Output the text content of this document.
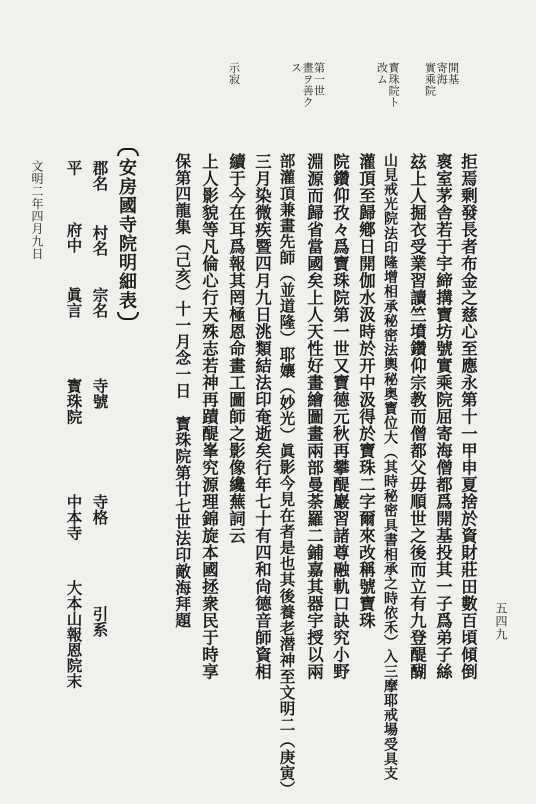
五四九
開基
寄海
實乘院
寳珠院ト
改ム
第一世
畫ヲ善ク
ス
示寂
拒焉剰發長者布金之慈心至應永第十一甲申夏捨於資財莊田數百頃傾倒
褱室茅舎若于宇締搆寶坊號實乘院屈寄海僧都爲開基投其一子爲弟子絲
玆上人掘衣受業習讀竺墳鑽仰宗教而僧都父毋順世之後而立有九登醍醐
山見戒光院法印隆增相承秘密法輿秘奥寳位大（其時秘密具書相承之時依禾）入三摩耶戒場受具支
灌頂至歸鄕日開伽水汲時於开中汲得於寶珠二字爾來改稱號寶珠
院鑽仰孜々爲寶珠院第一世又寶德元秋再攀醍巖習諸尊融軌口訣究小野
淵源而歸省當國矣上人天性好畫繪圖畫兩部曼荼羅二鋪嘉其器宇授以兩
部灌頂兼畫先師（並道隆）耶孃（妙光）眞影今見在者是也其後養老潜神至文明二（庚寅）
三月染微疾暨四月九日洮類結法印奄逝矣行年七十有四和尙德音師資相
續于今在耳爲報其罔極恩命畫工圖師之影像纔蕪詞云
上人影貌等凡倫心行天殊志若神再蹟醍峯究源理錦旋本國拯衆民于時享
保第四龍集（己亥）十一月念一日　寳珠院第廿七世法印敵海拜題
安房國寺院明細表
郡名
村名
宗名
寺號
寺格
引系
平
府中
眞言
寳珠院
中本寺
大本山報恩院末
文明二年四月九日
